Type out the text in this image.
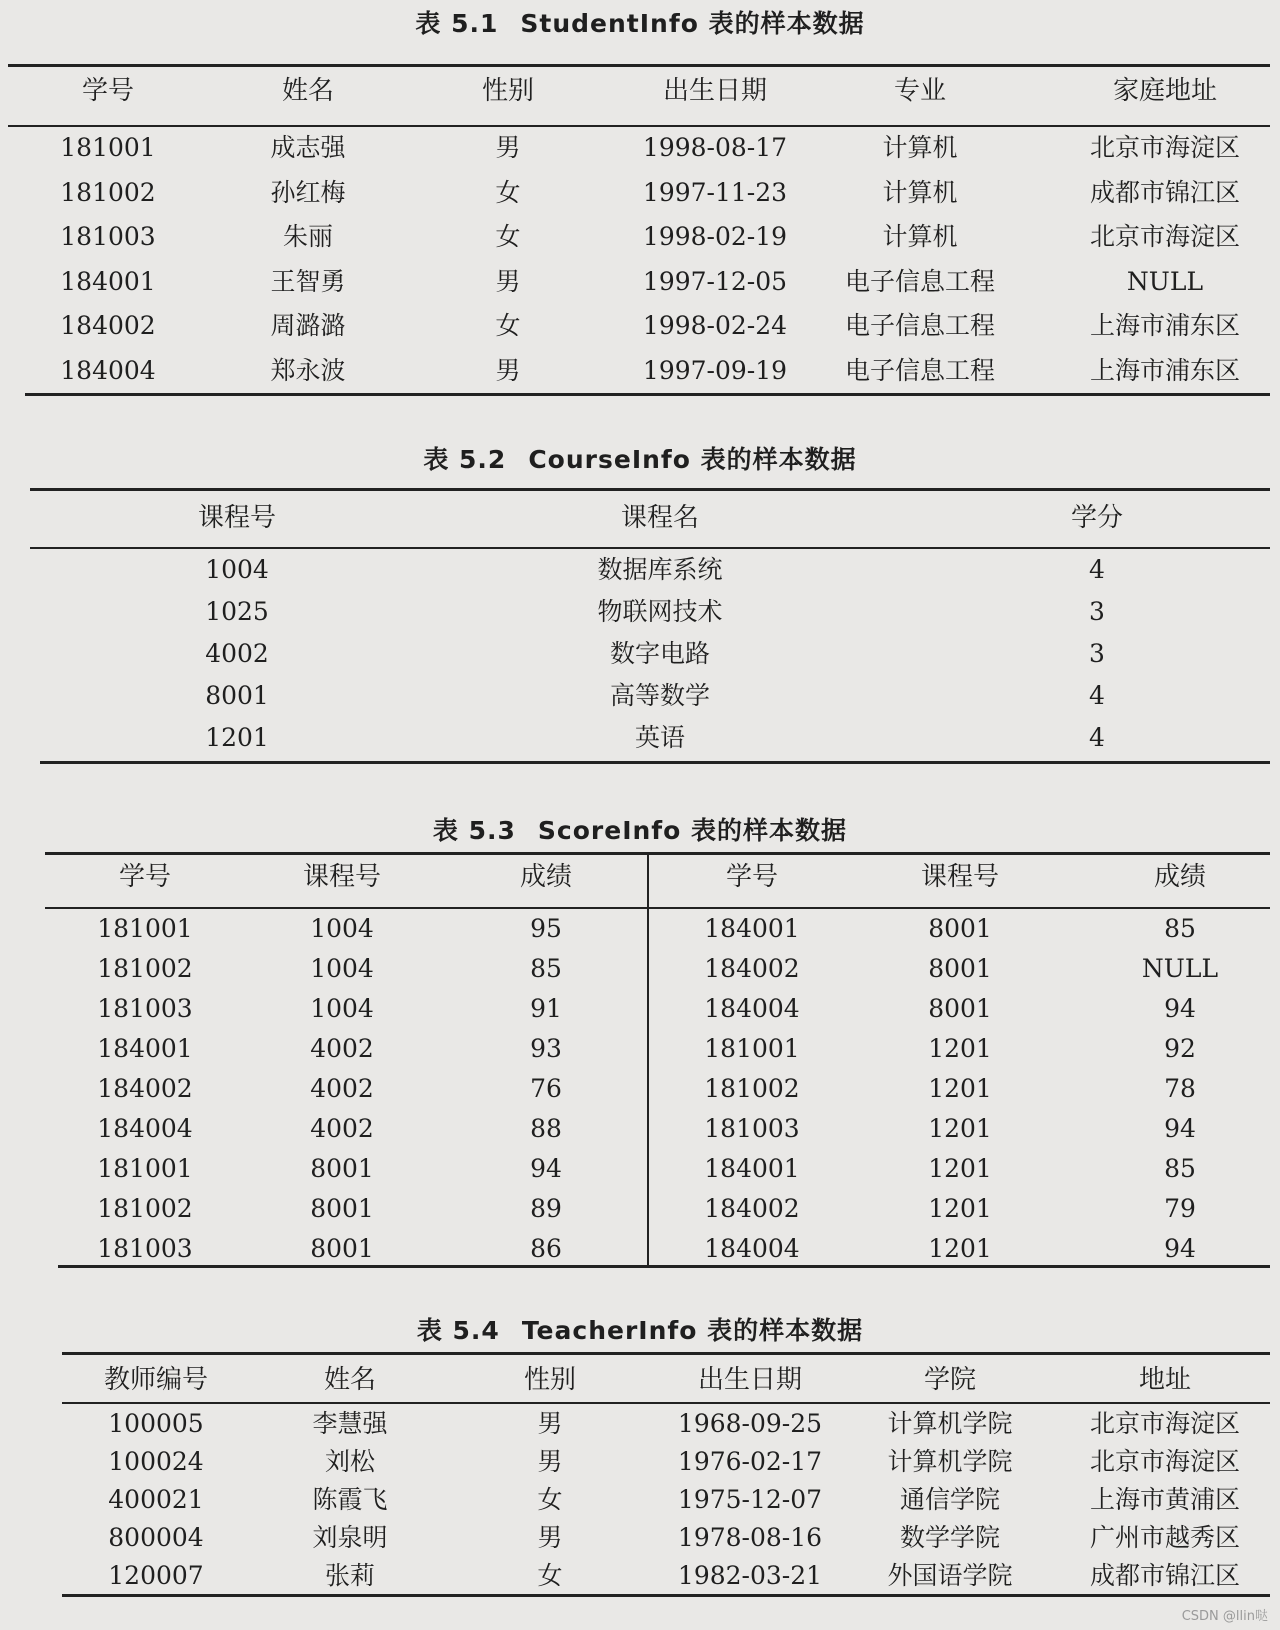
表 5.1 StudentInfo 表的样本数据
学号	姓名	性别	出生日期	专业	家庭地址
181001	成志强	男	1998-08-17	计算机	北京市海淀区
181002	孙红梅	女	1997-11-23	计算机	成都市锦江区
181003	朱丽	女	1998-02-19	计算机	北京市海淀区
184001	王智勇	男	1997-12-05 电子信息工程	NULL
184002	周潞潞	女	1998-02-24 电子信息工程	上海市浦东区
184004	郑永波	男	1997-09-19 电子信息工程	上海市浦东区
表 5.2 CourseInfo 表的样本数据
课程号	课程名	学分
1004	数据库系统	4
1025	物联网技术	3
4002	数字电路	3
8001	高等数学	4
1201	英语	4
表 5.3 ScoreInfo 表的样本数据
学号	课程号	成绩	学号	课程号	成绩
181001	1004	95	184001	8001	85
181002	1004	85	184002	8001	NULL
181003	1004	91	184004	8001	94
184001	4002	93	181001	1201	92
184002	4002	76	181002	1201	78
184004	4002	88	181003	1201	94
181001	8001	94	184001	1201	85
181002	8001	89	184002	1201	79
181003	8001	86	184004	1201	94
表 5.4 TeacherInfo 表的样本数据
教师编号	姓名	性别	出生日期	学院	地址
100005	李慧强	男	1968-09-25	计算机学院	北京市海淀区
100024	刘松	男	1976-02-17	计算机学院	北京市海淀区
400021	陈霞飞	女	1975-12-07	通信学院	上海市黄浦区
800004	刘泉明	男	1978-08-16	数学学院	广州市越秀区
120007	张莉	女	1982-03-21	外国语学院	成都市锦江区
CSDN @llin哒
